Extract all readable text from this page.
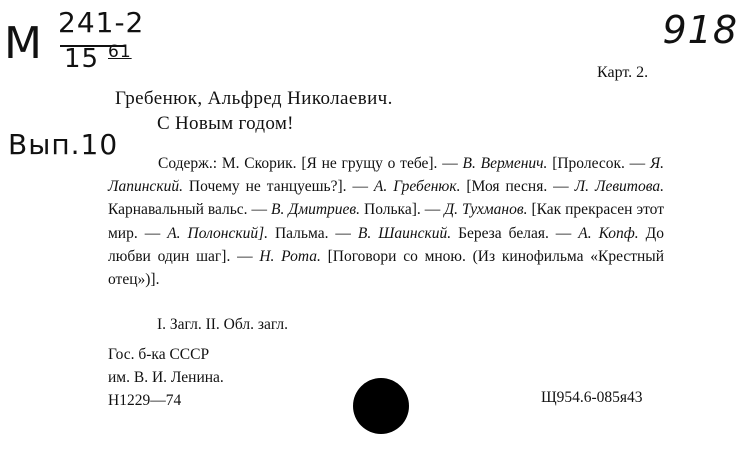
M 241-2
15 61	918
Вып.10
Карт. 2.
Гребенюк, Альфред Николаевич.
С Новым годом!

Содерж.: М. Скорик. [Я не грущу о тебе]. — В. Верменич. [Пролесок. — Я. Лапинский. Почему не танцуешь?]. — А. Гребенюк. [Моя песня. — Л. Левитова. Карнавальный вальс. — В. Дмитриев. Полька]. — Д. Тухманов. [Как прекрасен этот мир. — А. Полонский]. Пальма. — В. Шаинский. Береза белая. — А. Копф. До любви один шаг]. — Н. Рота. [Поговори со мною. (Из кинофильма «Крестный отец»)].

I. Загл. II. Обл. загл.
Гос. б-ка СССР
им. В. И. Ленина.
Н1229—74	Щ954.6-085я43
